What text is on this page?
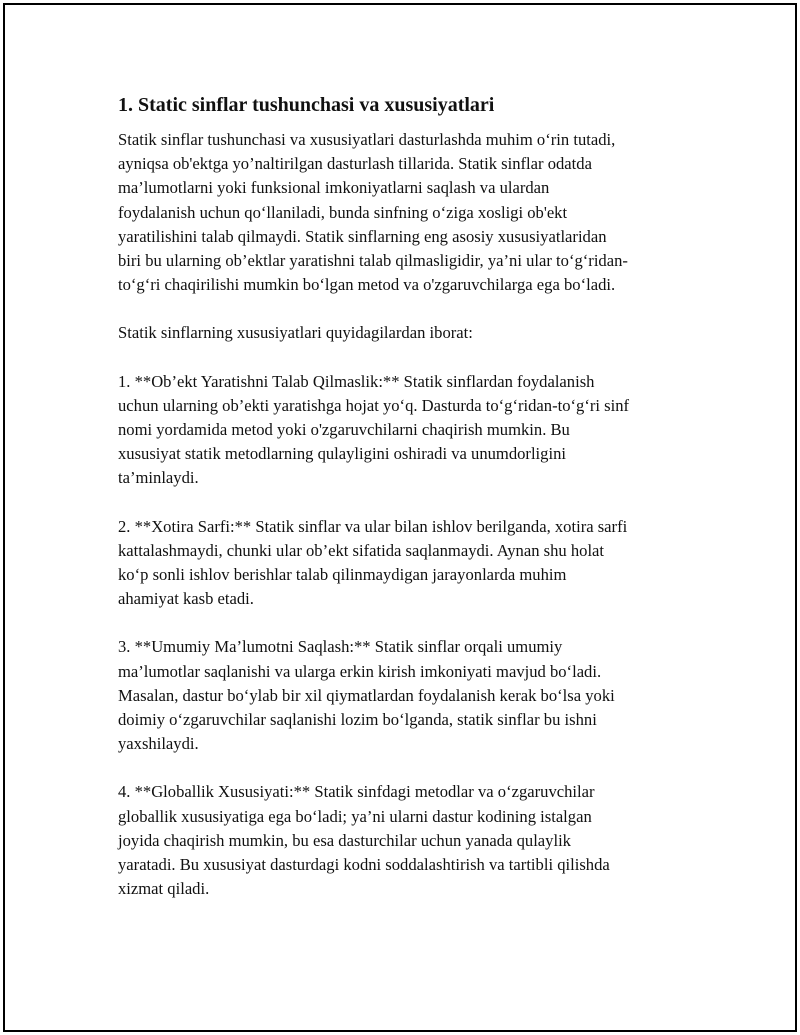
1. Static sinflar tushunchasi va xususiyatlari

Statik sinflar tushunchasi va xususiyatlari dasturlashda muhim o‘rin tutadi,
ayniqsa ob'ektga yo’naltirilgan dasturlash tillarida. Statik sinflar odatda
ma’lumotlarni yoki funksional imkoniyatlarni saqlash va ulardan
foydalanish uchun qo‘llaniladi, bunda sinfning o‘ziga xosligi ob'ekt
yaratilishini talab qilmaydi. Statik sinflarning eng asosiy xususiyatlaridan
biri bu ularning ob’ektlar yaratishni talab qilmasligidir, ya’ni ular to‘g‘ridan-
to‘g‘ri chaqirilishi mumkin bo‘lgan metod va o'zgaruvchilarga ega bo‘ladi.

Statik sinflarning xususiyatlari quyidagilardan iborat:

1. **Ob’ekt Yaratishni Talab Qilmaslik:** Statik sinflardan foydalanish
uchun ularning ob’ekti yaratishga hojat yo‘q. Dasturda to‘g‘ridan-to‘g‘ri sinf
nomi yordamida metod yoki o'zgaruvchilarni chaqirish mumkin. Bu
xususiyat statik metodlarning qulayligini oshiradi va unumdorligini
ta’minlaydi.

2. **Xotira Sarfi:** Statik sinflar va ular bilan ishlov berilganda, xotira sarfi
kattalashmaydi, chunki ular ob’ekt sifatida saqlanmaydi. Aynan shu holat
ko‘p sonli ishlov berishlar talab qilinmaydigan jarayonlarda muhim
ahamiyat kasb etadi.

3. **Umumiy Ma’lumotni Saqlash:** Statik sinflar orqali umumiy
ma’lumotlar saqlanishi va ularga erkin kirish imkoniyati mavjud bo‘ladi.
Masalan, dastur bo‘ylab bir xil qiymatlardan foydalanish kerak bo‘lsa yoki
doimiy o‘zgaruvchilar saqlanishi lozim bo‘lganda, statik sinflar bu ishni
yaxshilaydi.

4. **Globallik Xususiyati:** Statik sinfdagi metodlar va o‘zgaruvchilar
globallik xususiyatiga ega bo‘ladi; ya’ni ularni dastur kodining istalgan
joyida chaqirish mumkin, bu esa dasturchilar uchun yanada qulaylik
yaratadi. Bu xususiyat dasturdagi kodni soddalashtirish va tartibli qilishda
xizmat qiladi.
